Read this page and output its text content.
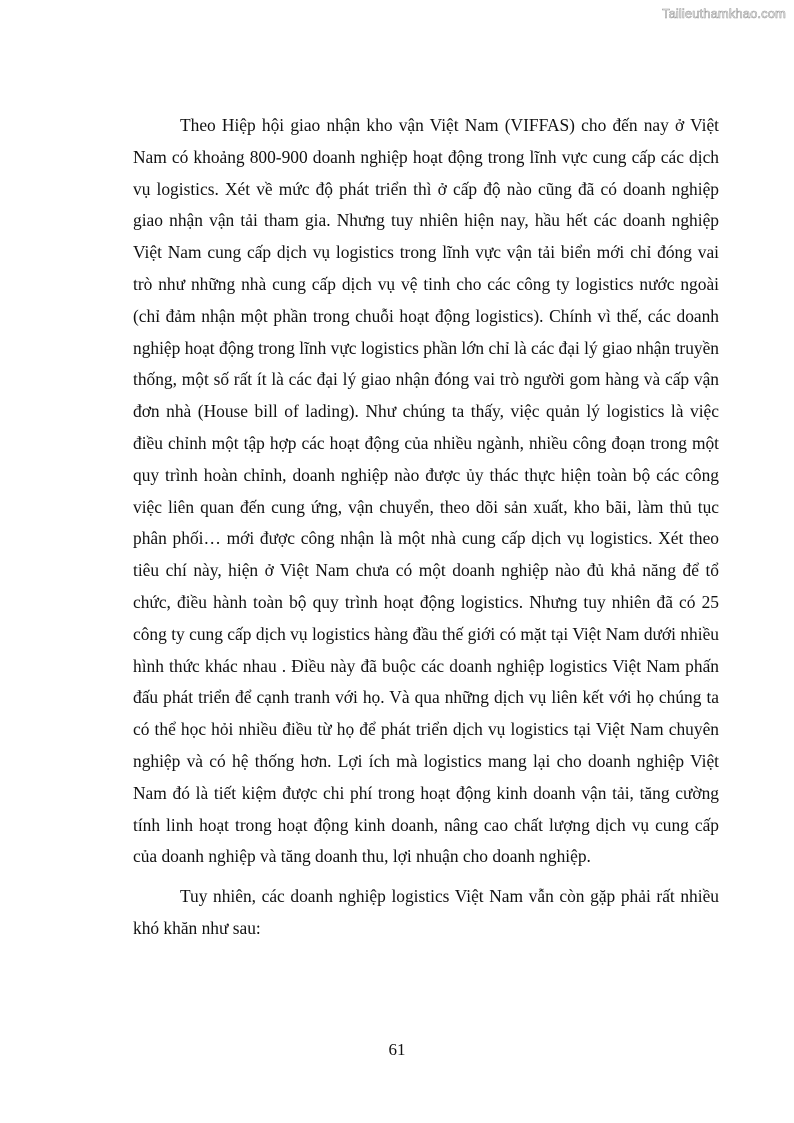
Tailieuthamkhao.com

Theo Hiệp hội giao nhận kho vận Việt Nam (VIFFAS) cho đến nay ở Việt Nam có khoảng 800-900 doanh nghiệp hoạt động trong lĩnh vực cung cấp các dịch vụ logistics. Xét về mức độ phát triển thì ở cấp độ nào cũng đã có doanh nghiệp giao nhận vận tải tham gia. Nhưng tuy nhiên hiện nay, hầu hết các doanh nghiệp Việt Nam cung cấp dịch vụ logistics trong lĩnh vực vận tải biển mới chỉ đóng vai trò như những nhà cung cấp dịch vụ vệ tinh cho các công ty logistics nước ngoài (chỉ đảm nhận một phần trong chuỗi hoạt động logistics). Chính vì thế, các doanh nghiệp hoạt động trong lĩnh vực logistics phần lớn chỉ là các đại lý giao nhận truyền thống, một số rất ít là các đại lý giao nhận đóng vai trò người gom hàng và cấp vận đơn nhà (House bill of lading). Như chúng ta thấy, việc quản lý logistics là việc điều chỉnh một tập hợp các hoạt động của nhiều ngành, nhiều công đoạn trong một quy trình hoàn chỉnh, doanh nghiệp nào được ủy thác thực hiện toàn bộ các công việc liên quan đến cung ứng, vận chuyển, theo dõi sản xuất, kho bãi, làm thủ tục phân phối… mới được công nhận là một nhà cung cấp dịch vụ logistics. Xét theo tiêu chí này, hiện ở Việt Nam chưa có một doanh nghiệp nào đủ khả năng để tổ chức, điều hành toàn bộ quy trình hoạt động logistics. Nhưng tuy nhiên đã có 25 công ty cung cấp dịch vụ logistics hàng đầu thế giới có mặt tại Việt Nam dưới nhiều hình thức khác nhau . Điều này đã buộc các doanh nghiệp logistics Việt Nam phấn đấu phát triển để cạnh tranh với họ. Và qua những dịch vụ liên kết với họ chúng ta có thể học hỏi nhiều điều từ họ để phát triển dịch vụ logistics tại Việt Nam chuyên nghiệp và có hệ thống hơn. Lợi ích mà logistics mang lại cho doanh nghiệp Việt Nam đó là tiết kiệm được chi phí trong hoạt động kinh doanh vận tải, tăng cường tính linh hoạt trong hoạt động kinh doanh, nâng cao chất lượng dịch vụ cung cấp của doanh nghiệp và tăng doanh thu, lợi nhuận cho doanh nghiệp.

Tuy nhiên, các doanh nghiệp logistics Việt Nam vẫn còn gặp phải rất nhiều khó khăn như sau:

61
